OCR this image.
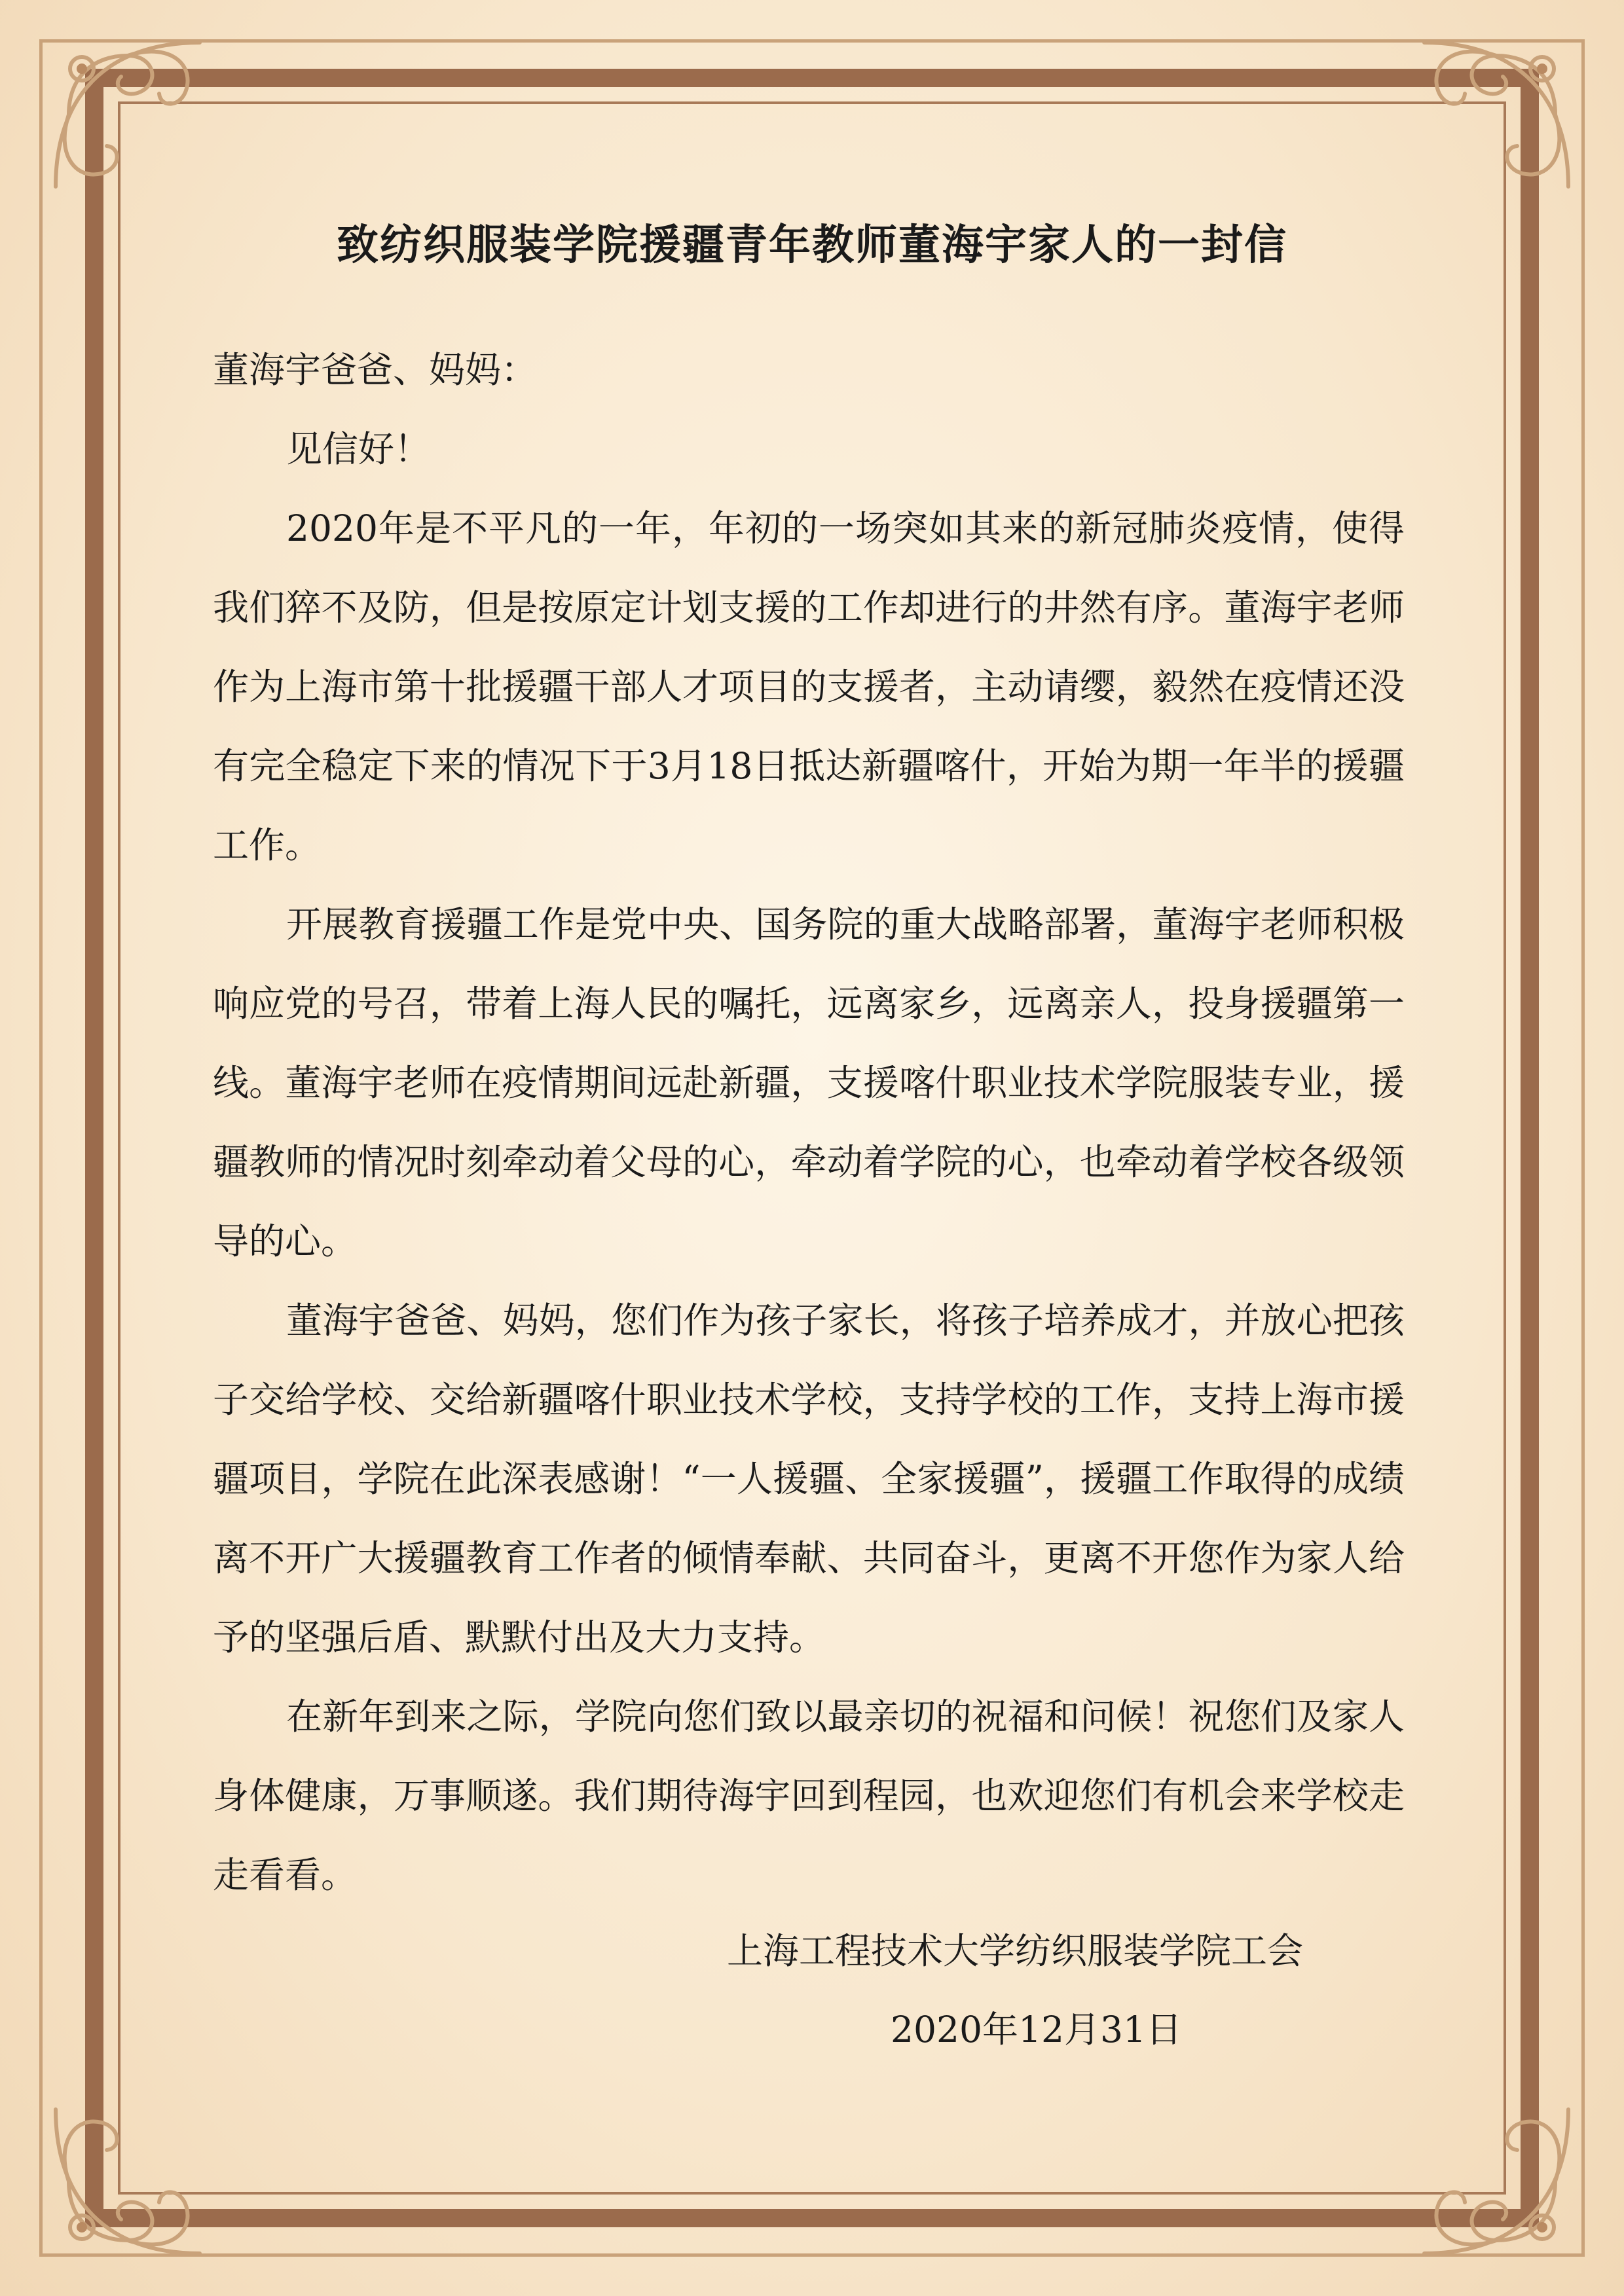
致纺织服装学院援疆青年教师董海宇家人的一封信

董海宇爸爸、妈妈：

见信好！

2020年是不平凡的一年，年初的一场突如其来的新冠肺炎疫情，使得我们猝不及防，但是按原定计划支援的工作却进行的井然有序。董海宇老师作为上海市第十批援疆干部人才项目的支援者，主动请缨，毅然在疫情还没有完全稳定下来的情况下于3月18日抵达新疆喀什，开始为期一年半的援疆工作。

开展教育援疆工作是党中央、国务院的重大战略部署，董海宇老师积极响应党的号召，带着上海人民的嘱托，远离家乡，远离亲人，投身援疆第一线。董海宇老师在疫情期间远赴新疆，支援喀什职业技术学院服装专业，援疆教师的情况时刻牵动着父母的心，牵动着学院的心，也牵动着学校各级领导的心。

董海宇爸爸、妈妈，您们作为孩子家长，将孩子培养成才，并放心把孩子交给学校、交给新疆喀什职业技术学校，支持学校的工作，支持上海市援疆项目，学院在此深表感谢！“一人援疆、全家援疆”，援疆工作取得的成绩离不开广大援疆教育工作者的倾情奉献、共同奋斗，更离不开您作为家人给予的坚强后盾、默默付出及大力支持。

在新年到来之际，学院向您们致以最亲切的祝福和问候！祝您们及家人身体健康，万事顺遂。我们期待海宇回到程园，也欢迎您们有机会来学校走走看看。

上海工程技术大学纺织服装学院工会
2020年12月31日
